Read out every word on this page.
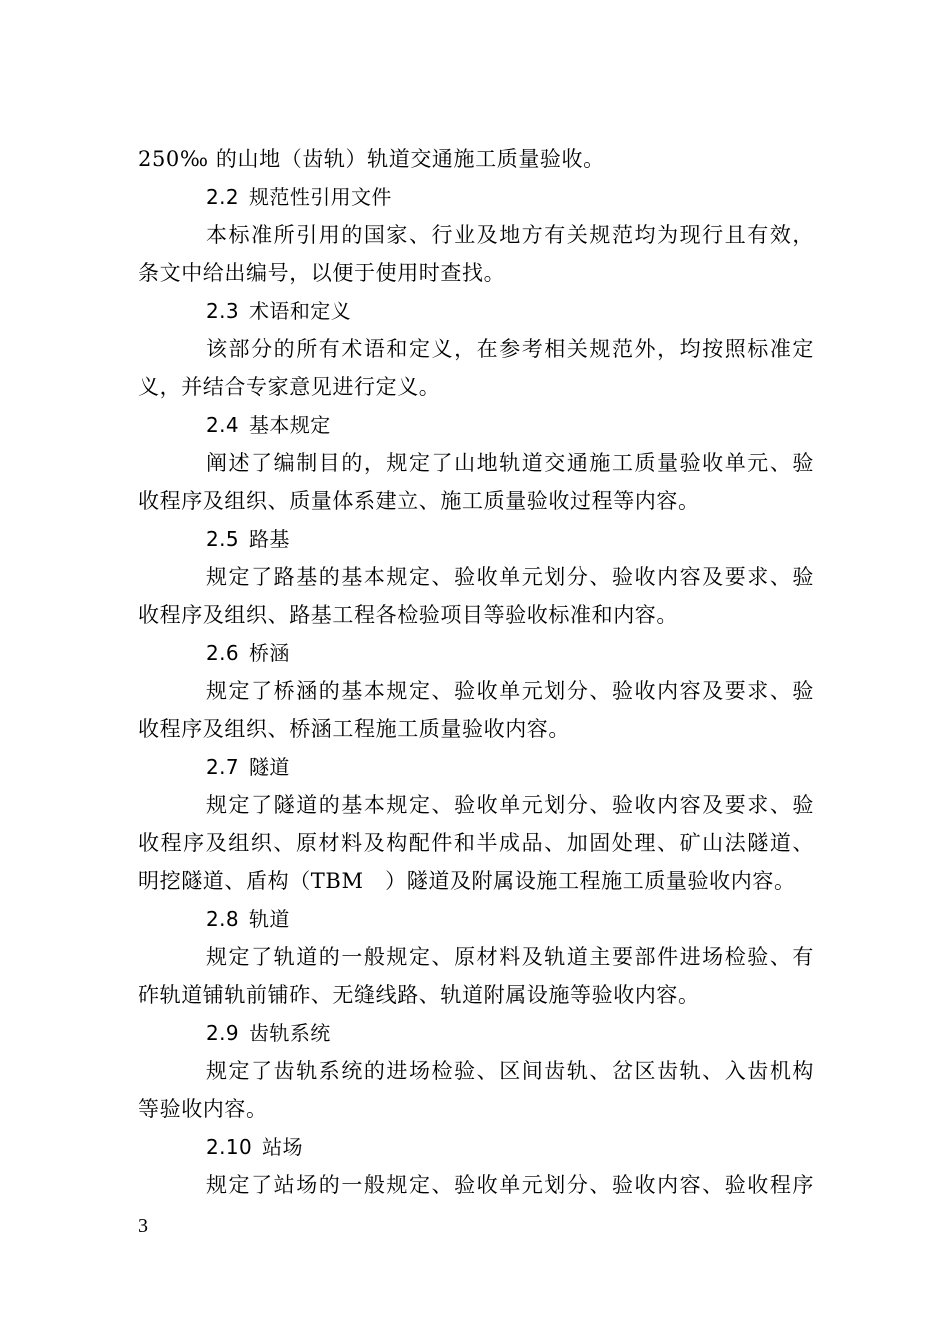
250‰ 的山地（齿轨）轨道交通施工质量验收。
2.2 规范性引用文件
本标准所引用的国家、行业及地方有关规范均为现行且有效，
条文中给出编号，以便于使用时查找。
2.3 术语和定义
该部分的所有术语和定义，在参考相关规范外，均按照标准定
义，并结合专家意见进行定义。
2.4 基本规定
阐述了编制目的，规定了山地轨道交通施工质量验收单元、验
收程序及组织、质量体系建立、施工质量验收过程等内容。
2.5 路基
规定了路基的基本规定、验收单元划分、验收内容及要求、验
收程序及组织、路基工程各检验项目等验收标准和内容。
2.6 桥涵
规定了桥涵的基本规定、验收单元划分、验收内容及要求、验
收程序及组织、桥涵工程施工质量验收内容。
2.7 隧道
规定了隧道的基本规定、验收单元划分、验收内容及要求、验
收程序及组织、原材料及构配件和半成品、加固处理、矿山法隧道、
明挖隧道、盾构（TBM　）隧道及附属设施工程施工质量验收内容。
2.8 轨道
规定了轨道的一般规定、原材料及轨道主要部件进场检验、有
砟轨道铺轨前铺砟、无缝线路、轨道附属设施等验收内容。
2.9 齿轨系统
规定了齿轨系统的进场检验、区间齿轨、岔区齿轨、入齿机构
等验收内容。
2.10 站场
规定了站场的一般规定、验收单元划分、验收内容、验收程序
3
